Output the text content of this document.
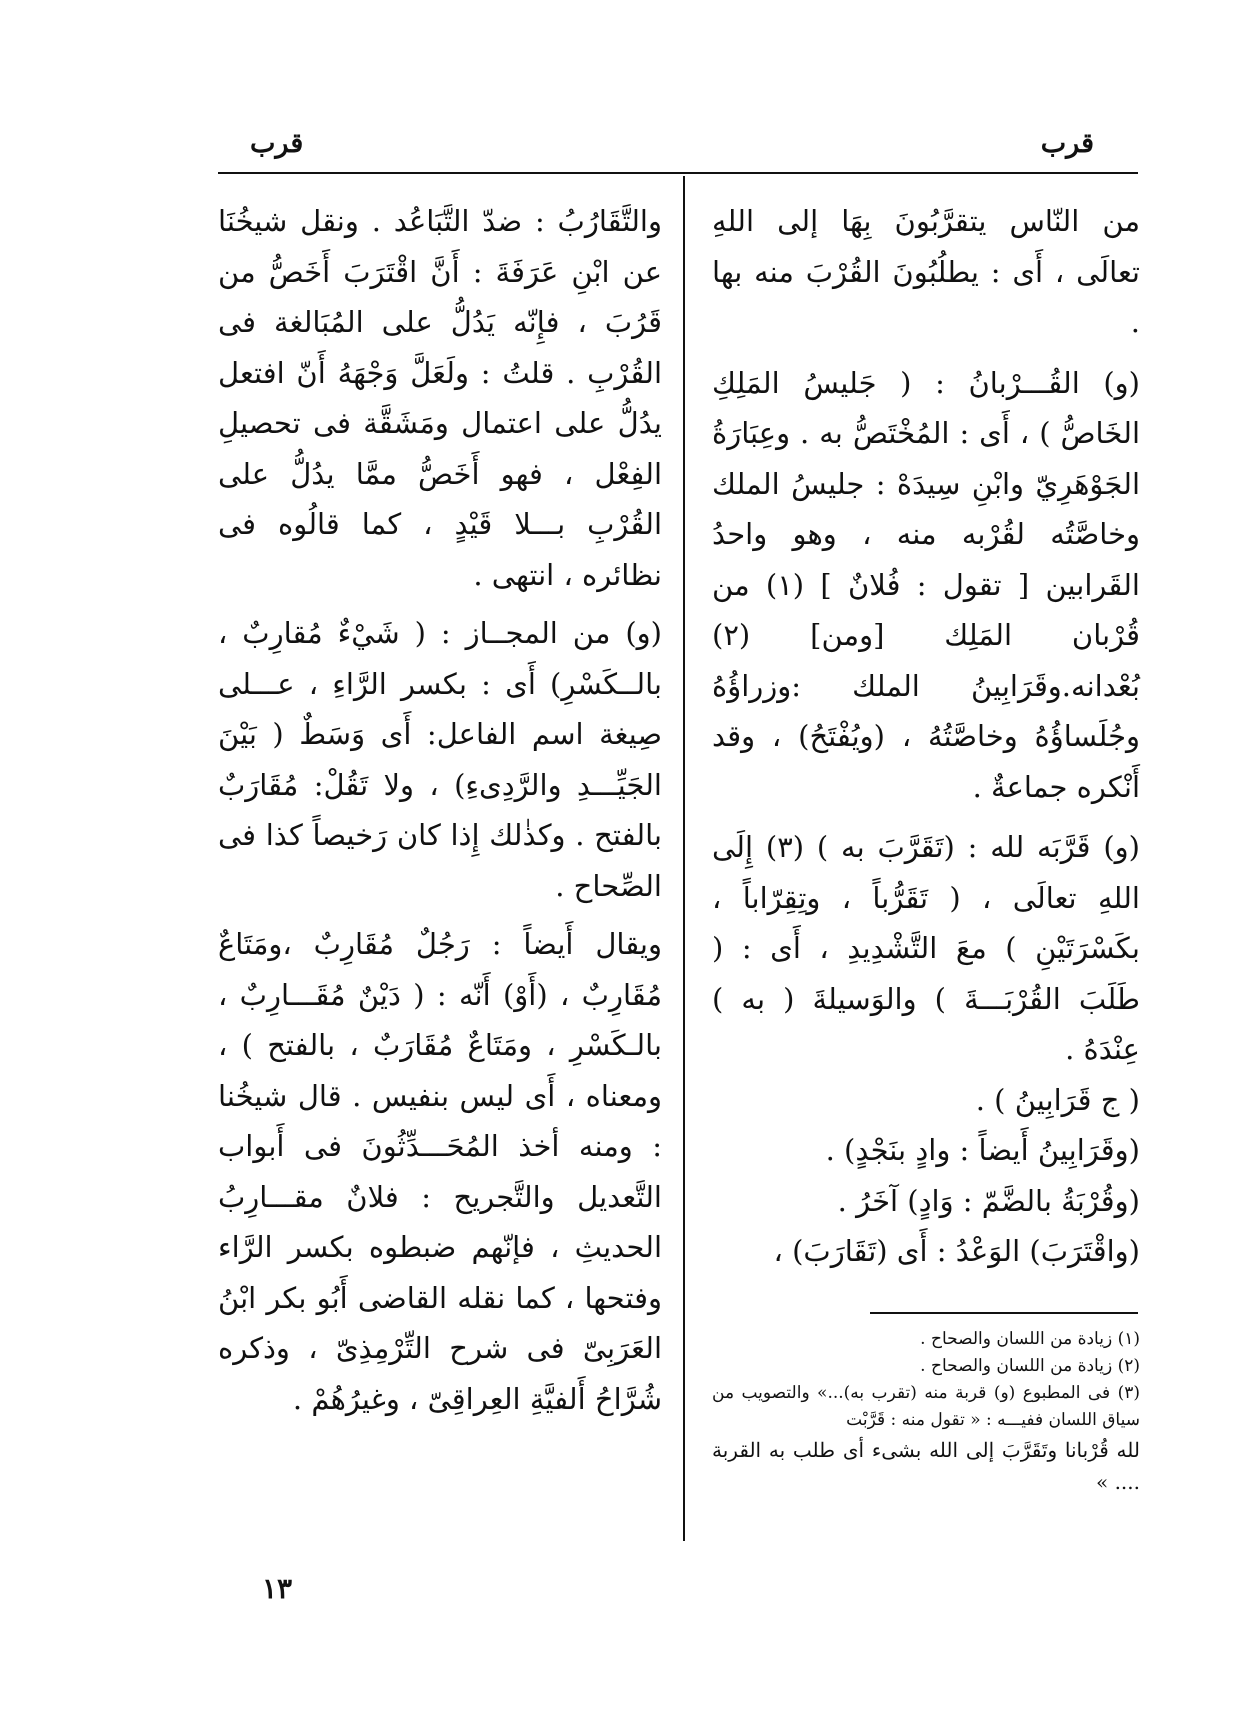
قرب
قرب

من النّاس يتقرَّبُونَ بِهَا إلى اللهِ تعالَى ، أَى : يطلُبُونَ القُرْبَ منه بها .

(و) القُـــرْبانُ : ( جَليسُ المَلِكِ الخَاصُّ ) ، أَى : المُخْتَصُّ به . وعِبَارَةُ الجَوْهَرِيّ وابْنِ سِيدَهْ : جليسُ الملك وخاصَّتُه لقُرْبه منه ، وهو واحدُ القَرابين [ تقول : فُلانٌ ] (١) من قُرْبان المَلِك [ومن] (٢) بُعْدانه.وقَرَابِينُ الملك :وزراؤُهُ وجُلَساؤُهُ وخاصَّتُهُ ، (ويُفْتَحُ) ، وقد أَنْكره جماعةٌ .

(و) قَرَّبَه لله : (تَقَرَّبَ به ) (٣) إِلَى اللهِ تعالَى ، ( تَقَرُّباً ، وتِقِرّاباً ، بكَسْرَتَيْنِ ) معَ التَّشْدِيدِ ، أَى : ( طَلَبَ القُرْبَـــةَ ) والوَسيلةَ ( به ) عِنْدَهُ .

( ج قَرَابِينُ ) .

(وقَرَابِينُ أَيضاً : وادٍ بنَجْدٍ) .

(وقُرْبَةُ بالضَّمّ : وَادٍ) آخَرُ .

(واقْتَرَبَ) الوَعْدُ : أَى (تَقَارَبَ) ،

(١) زيادة من اللسان والصحاح .

(٢) زيادة من اللسان والصحاح .

(٣) فى المطبوع (و) قربة منه (تقرب به)...» والتصويب من سياق اللسان ففيـــه : « تقول منه : قَرَّبْت

لله قُرْبانا وتَقَرَّبَ إلى الله بشىء أى طلب به القربة .... »

والتَّقَارُبُ : ضدّ التَّبَاعُد . ونقل شيخُنَا عن ابْنِ عَرَفَةَ : أَنَّ اقْتَرَبَ أَخَصُّ من قَرُبَ ، فإِنّه يَدُلُّ على المُبَالغة فى القُرْبِ . قلتُ : ولَعَلَّ وَجْهَهُ أَنّ افتعل يدُلُّ على اعتمال ومَشَقَّة فى تحصيلِ الفِعْل ، فهو أَخَصُّ ممَّا يدُلُّ على القُرْبِ بـــلا قَيْدٍ ، كما قالُوه فى نظائره ، انتهى .

(و) من المجــاز : ( شَيْءٌ مُقارِبٌ ، بالــكَسْرِ) أَى : بكسر الرَّاءِ ، عـــلى صِيغة اسم الفاعل: أَى وَسَطٌ ( بَيْنَ الجَيِّـــدِ والرَّدِىءِ) ، ولا تَقُلْ: مُقَارَبٌ بالفتح . وكذٰلك إِذا كان رَخيصاً كذا فى الصِّحاح .

ويقال أَيضاً : رَجُلٌ مُقَارِبٌ ،ومَتَاعٌ مُقَارِبٌ ، (أَوْ) أَنّه : ( دَيْنٌ مُقَـــارِبٌ ، بالـكَسْرِ ، ومَتَاعٌ مُقَارَبٌ ، بالفتح ) ، ومعناه ، أَى ليس بنفيس . قال شيخُنا : ومنه أخذ المُحَـــدِّثُونَ فى أَبواب التَّعديل والتَّجريح : فلانٌ مقـــارِبُ الحديثِ ، فإنّهم ضبطوه بكسر الرَّاء وفتحها ، كما نقله القاضى أَبُو بكر ابْنُ العَرَبِىّ فى شرح التِّرْمِذِىّ ، وذكره شُرَّاحُ أَلفيَّةِ العِراقِىّ ، وغيرُهُمْ .

١٣
